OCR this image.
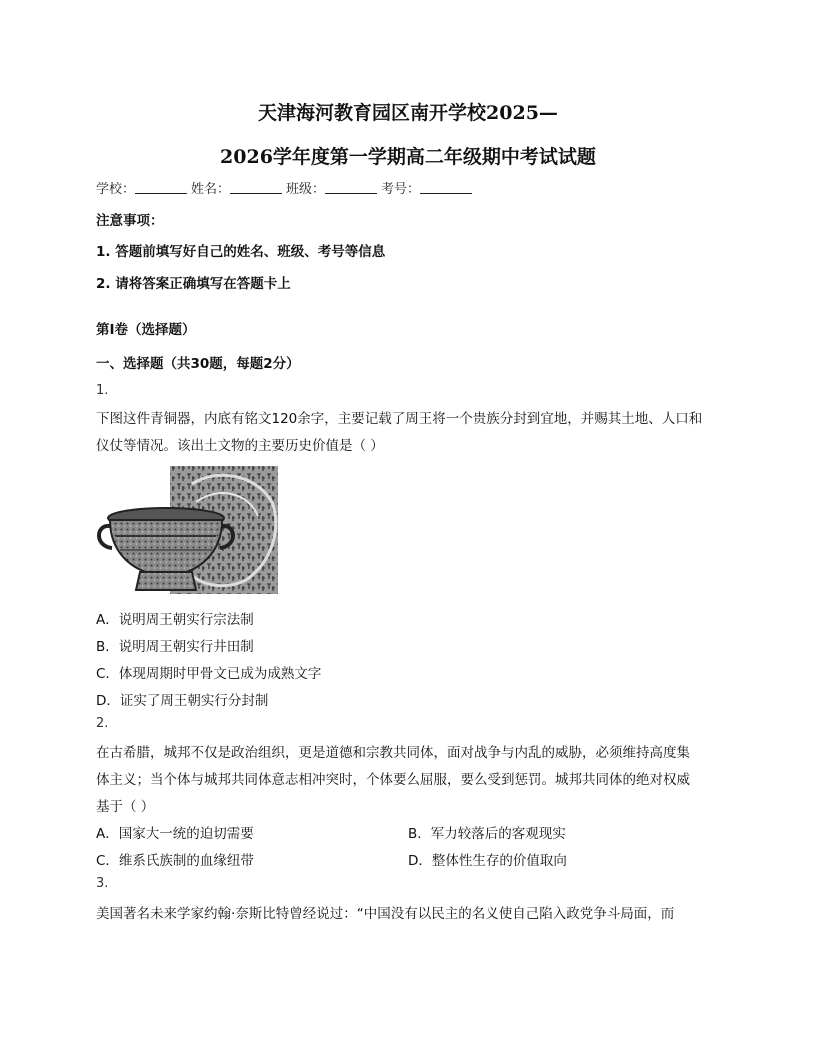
天津海河教育园区南开学校2025—
2026学年度第一学期高二年级期中考试试题
学校：	姓名：	班级：	考号：
注意事项：
1. 答题前填写好自己的姓名、班级、考号等信息
2. 请将答案正确填写在答题卡上
第Ⅰ卷（选择题）
一、选择题（共30题，每题2分）
1.
下图这件青铜器，内底有铭文120余字，主要记载了周王将一个贵族分封到宜地，并赐其土地、人口和
仪仗等情况。该出土文物的主要历史价值是（ ）
A．说明周王朝实行宗法制
B．说明周王朝实行井田制
C．体现周期时甲骨文已成为成熟文字
D．证实了周王朝实行分封制
2.
在古希腊，城邦不仅是政治组织，更是道德和宗教共同体，面对战争与内乱的威胁，必须维持高度集
体主义；当个体与城邦共同体意志相冲突时，个体要么屈服，要么受到惩罚。城邦共同体的绝对权威
基于（ ）
A．国家大一统的迫切需要	B．军力较落后的客观现实
C．维系氏族制的血缘纽带	D．整体性生存的价值取向
3.
美国著名未来学家约翰·奈斯比特曾经说过：“中国没有以民主的名义使自己陷入政党争斗局面，而
